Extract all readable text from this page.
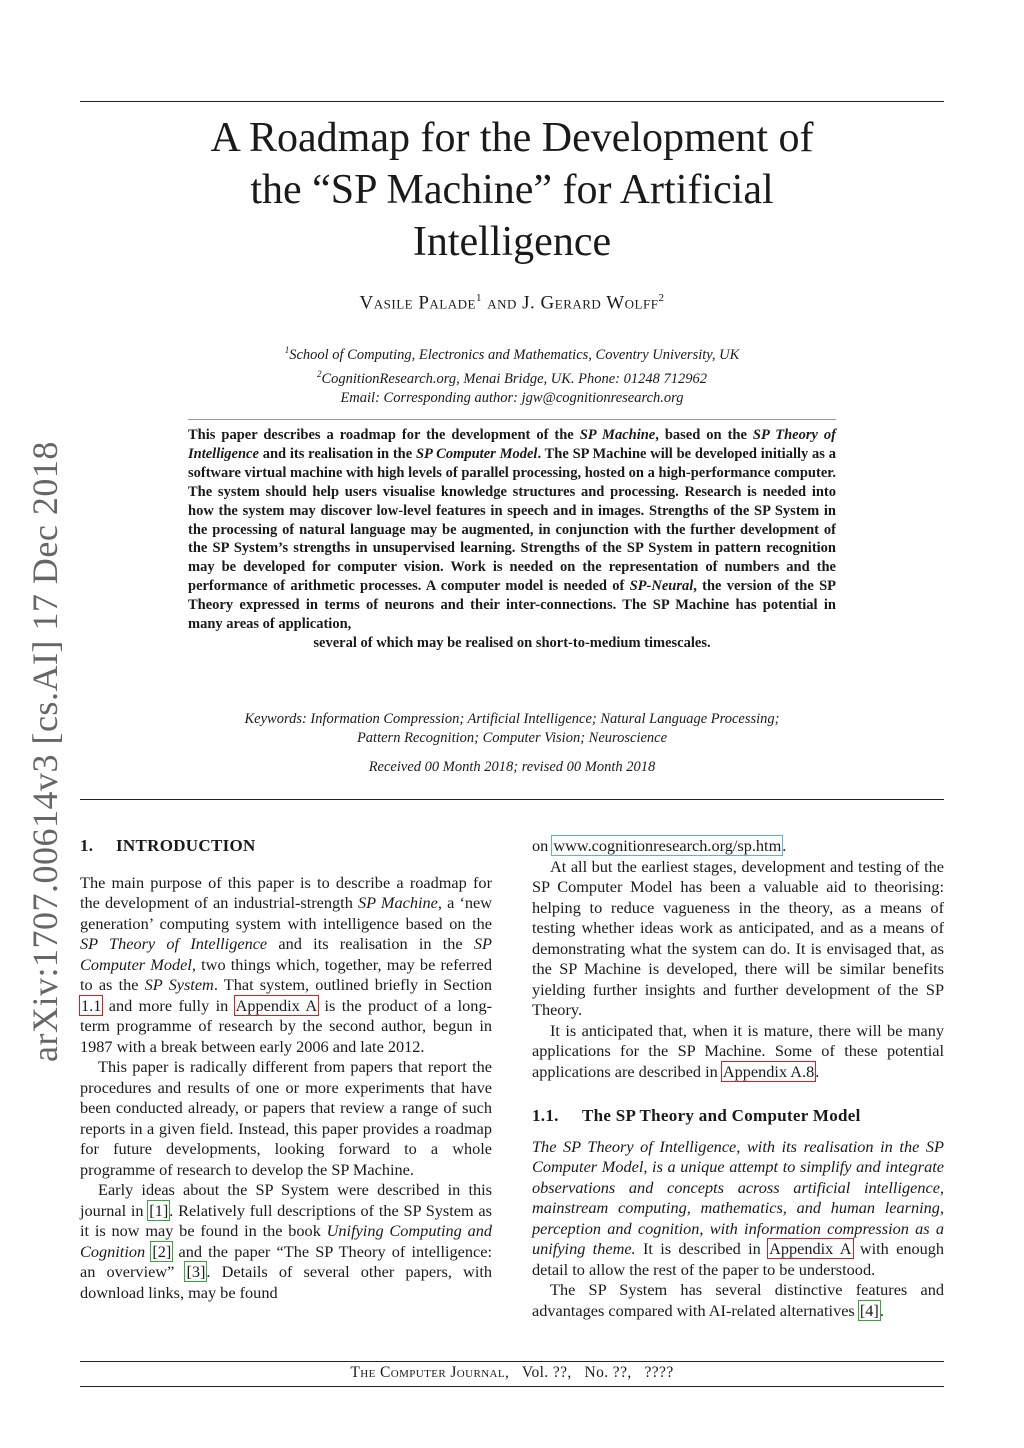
arXiv:1707.00614v3 [cs.AI] 17 Dec 2018
A Roadmap for the Development of
the “SP Machine” for Artificial
Intelligence
Vasile Palade$^1$ and J. Gerard Wolff$^2$
$^1$School of Computing, Electronics and Mathematics, Coventry University, UK
$^2$CognitionResearch.org, Menai Bridge, UK. Phone: 01248 712962
Email: Corresponding author: jgw@cognitionresearch.org
This paper describes a roadmap for the development of the SP Machine, based on the SP Theory of Intelligence and its realisation in the SP Computer Model. The SP Machine will be developed initially as a software virtual machine with high levels of parallel processing, hosted on a high-performance computer. The system should help users visualise knowledge structures and processing. Research is needed into how the system may discover low-level features in speech and in images. Strengths of the SP System in the processing of natural language may be augmented, in conjunction with the further development of the SP System’s strengths in unsupervised learning. Strengths of the SP System in pattern recognition may be developed for computer vision. Work is needed on the representation of numbers and the performance of arithmetic processes. A computer model is needed of SP-Neural, the version of the SP Theory expressed in terms of neurons and their inter-connections. The SP Machine has potential in many areas of application,
several of which may be realised on short-to-medium timescales.
Keywords: Information Compression; Artificial Intelligence; Natural Language Processing;
Pattern Recognition; Computer Vision; Neuroscience
Received 00 Month 2018; revised 00 Month 2018
1. INTRODUCTION

The main purpose of this paper is to describe a roadmap for the development of an industrial-strength SP Machine, a ‘new generation’ computing system with intelligence based on the SP Theory of Intelligence and its realisation in the SP Computer Model, two things which, together, may be referred to as the SP System. That system, outlined briefly in Section 1.1 and more fully in Appendix A is the product of a long-term programme of research by the second author, begun in 1987 with a break between early 2006 and late 2012.

This paper is radically different from papers that report the procedures and results of one or more experiments that have been conducted already, or papers that review a range of such reports in a given field. Instead, this paper provides a roadmap for future developments, looking forward to a whole programme of research to develop the SP Machine.

Early ideas about the SP System were described in this journal in [1]. Relatively full descriptions of the SP System as it is now may be found in the book Unifying Computing and Cognition [2] and the paper “The SP Theory of intelligence: an overview” [3]. Details of several other papers, with download links, may be found

on www.cognitionresearch.org/sp.htm.

At all but the earliest stages, development and testing of the SP Computer Model has been a valuable aid to theorising: helping to reduce vagueness in the theory, as a means of testing whether ideas work as anticipated, and as a means of demonstrating what the system can do. It is envisaged that, as the SP Machine is developed, there will be similar benefits yielding further insights and further development of the SP Theory.

It is anticipated that, when it is mature, there will be many applications for the SP Machine. Some of these potential applications are described in Appendix A.8.

1.1. The SP Theory and Computer Model

The SP Theory of Intelligence, with its realisation in the SP Computer Model, is a unique attempt to simplify and integrate observations and concepts across artificial intelligence, mainstream computing, mathematics, and human learning, perception and cognition, with information compression as a unifying theme. It is described in Appendix A with enough detail to allow the rest of the paper to be understood.

The SP System has several distinctive features and advantages compared with AI-related alternatives [4].

The Computer Journal, Vol. ??, No. ??, ????
